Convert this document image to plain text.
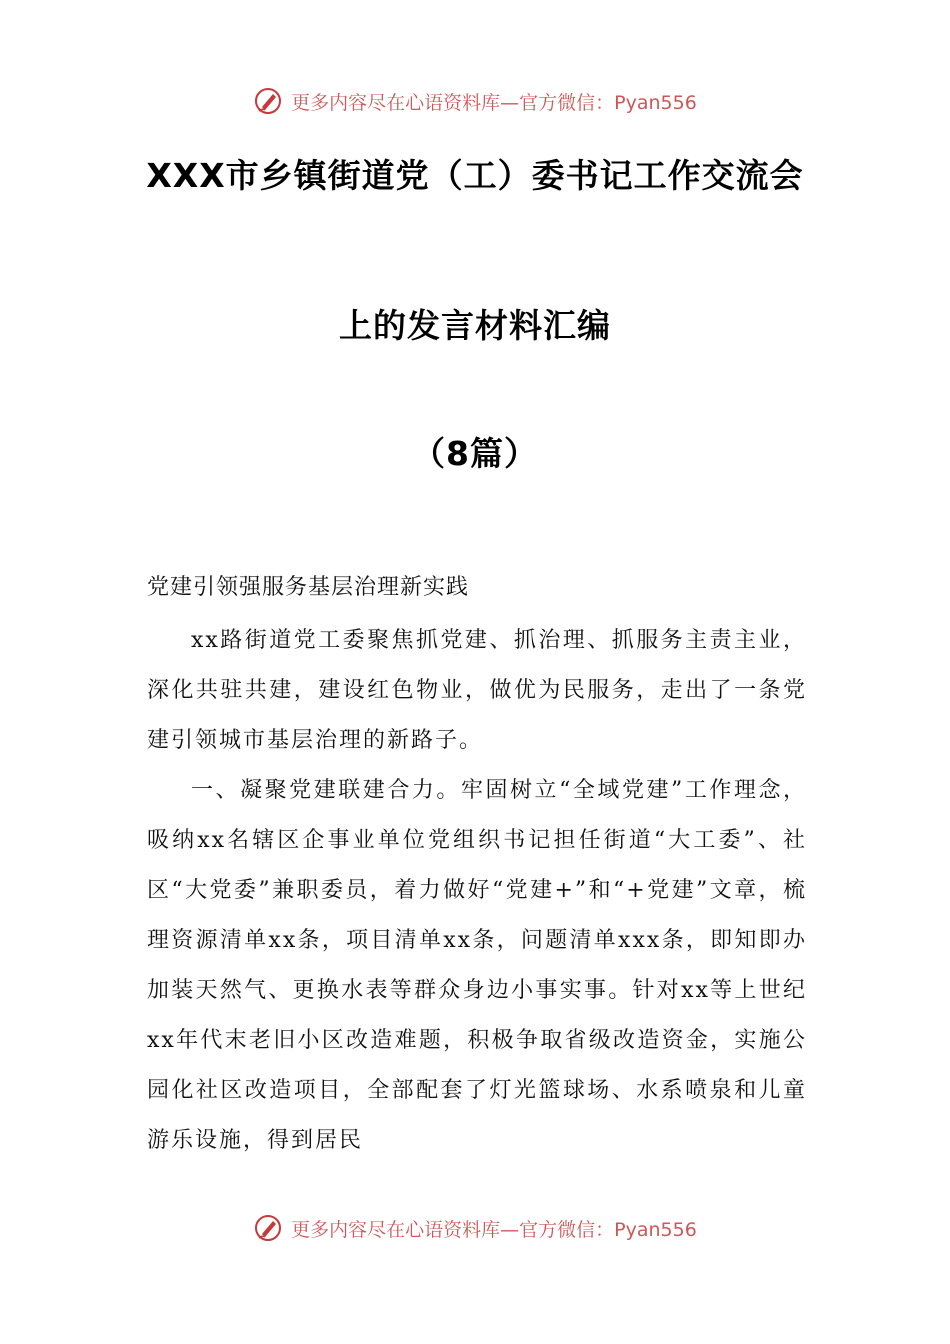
更多内容尽在心语资料库—官方微信：Pyan556
XXX市乡镇街道党（工）委书记工作交流会
上的发言材料汇编
（8篇）
党建引领强服务基层治理新实践

xx路街道党工委聚焦抓党建、抓治理、抓服务主责主业，深化共驻共建，建设红色物业，做优为民服务，走出了一条党建引领城市基层治理的新路子。

一、凝聚党建联建合力。牢固树立“全域党建”工作理念，吸纳xx名辖区企事业单位党组织书记担任街道“大工委”、社区“大党委”兼职委员，着力做好“党建+”和“+党建”文章，梳理资源清单xx条，项目清单xx条，问题清单xxx条，即知即办加装天然气、更换水表等群众身边小事实事。针对xx等上世纪xx年代末老旧小区改造难题，积极争取省级改造资金，实施公园化社区改造项目，全部配套了灯光篮球场、水系喷泉和儿童游乐设施，得到居民

更多内容尽在心语资料库—官方微信：Pyan556
